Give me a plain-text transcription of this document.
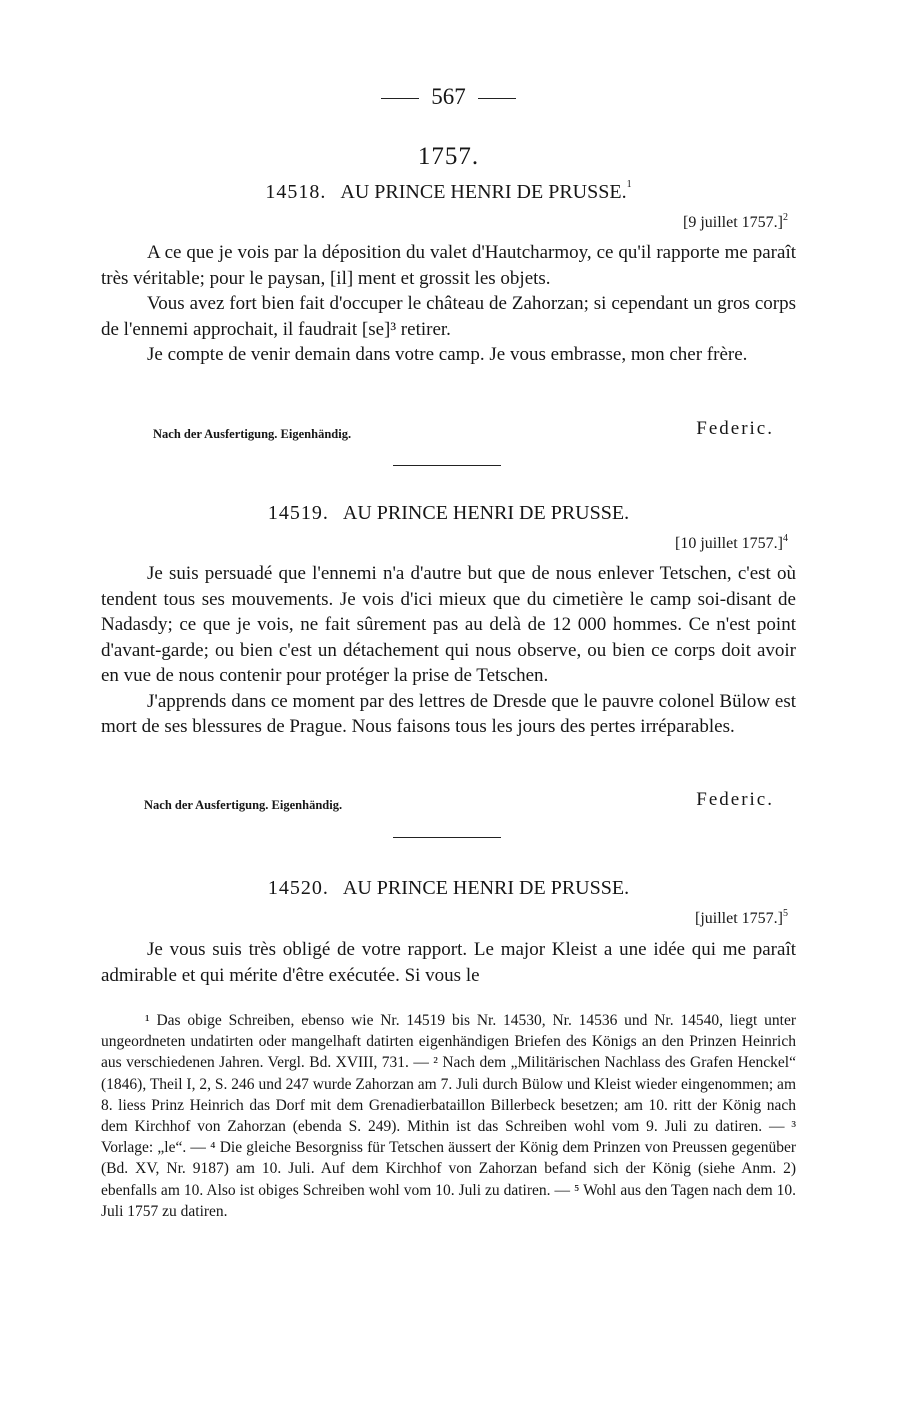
567
1757.
14518. AU PRINCE HENRI DE PRUSSE.$^1$
[9 juillet 1757.]$^2$
A ce que je vois par la déposition du valet d'Hautcharmoy, ce qu'il rapporte me paraît très véritable; pour le paysan, [il] ment et grossit les objets.
Vous avez fort bien fait d'occuper le château de Zahorzan; si cependant un gros corps de l'ennemi approchait, il faudrait [se]³ retirer.
Je compte de venir demain dans votre camp. Je vous embrasse, mon cher frère.
Nach der Ausfertigung. Eigenhändig.	Federic.
14519. AU PRINCE HENRI DE PRUSSE.
[10 juillet 1757.]$^4$
Je suis persuadé que l'ennemi n'a d'autre but que de nous enlever Tetschen, c'est où tendent tous ses mouvements. Je vois d'ici mieux que du cimetière le camp soi-disant de Nadasdy; ce que je vois, ne fait sûrement pas au delà de 12 000 hommes. Ce n'est point d'avant-garde; ou bien c'est un détachement qui nous observe, ou bien ce corps doit avoir en vue de nous contenir pour protéger la prise de Tetschen.
J'apprends dans ce moment par des lettres de Dresde que le pauvre colonel Bülow est mort de ses blessures de Prague. Nous faisons tous les jours des pertes irréparables.
Nach der Ausfertigung. Eigenhändig.	Federic.
14520. AU PRINCE HENRI DE PRUSSE.
[juillet 1757.]$^5$
Je vous suis très obligé de votre rapport. Le major Kleist a une idée qui me paraît admirable et qui mérite d'être exécutée. Si vous le
¹ Das obige Schreiben, ebenso wie Nr. 14519 bis Nr. 14530, Nr. 14536 und Nr. 14540, liegt unter ungeordneten undatirten oder mangelhaft datirten eigenhändigen Briefen des Königs an den Prinzen Heinrich aus verschiedenen Jahren. Vergl. Bd. XVIII, 731. — ² Nach dem „Militärischen Nachlass des Grafen Henckel“ (1846), Theil I, 2, S. 246 und 247 wurde Zahorzan am 7. Juli durch Bülow und Kleist wieder eingenommen; am 8. liess Prinz Heinrich das Dorf mit dem Grenadierbataillon Billerbeck besetzen; am 10. ritt der König nach dem Kirchhof von Zahorzan (ebenda S. 249). Mithin ist das Schreiben wohl vom 9. Juli zu datiren. — ³ Vorlage: „le“. — ⁴ Die gleiche Besorgniss für Tetschen äussert der König dem Prinzen von Preussen gegenüber (Bd. XV, Nr. 9187) am 10. Juli. Auf dem Kirchhof von Zahorzan befand sich der König (siehe Anm. 2) ebenfalls am 10. Also ist obiges Schreiben wohl vom 10. Juli zu datiren. — ⁵ Wohl aus den Tagen nach dem 10. Juli 1757 zu datiren.
